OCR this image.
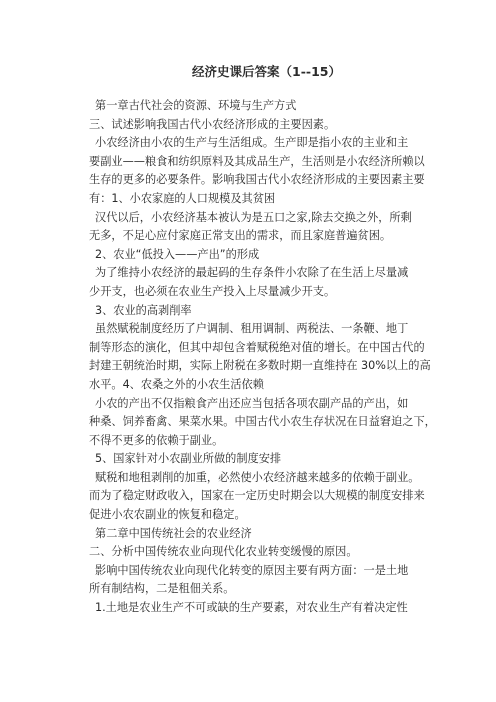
经济史课后答案（1--15）

第一章古代社会的资源、环境与生产方式

三、试述影响我国古代小农经济形成的主要因素。

小农经济由小农的生产与生活组成。生产即是指小农的主业和主

要副业——粮食和纺织原料及其成品生产，生活则是小农经济所赖以

生存的更多的必要条件。影响我国古代小农经济形成的主要因素主要

有：1、小农家庭的人口规模及其贫困

汉代以后，小农经济基本被认为是五口之家,除去交换之外，所剩

无多，不足心应付家庭正常支出的需求，而且家庭普遍贫困。

2、农业“低投入——产出”的形成

为了维持小农经济的最起码的生存条件小农除了在生活上尽量减

少开支，也必须在农业生产投入上尽量减少开支。

3、农业的高剥削率

虽然赋税制度经历了户调制、租用调制、两税法、一条鞭、地丁

制等形态的演化，但其中却包含着赋税绝对值的增长。在中国古代的

封建王朝统治时期，实际上附税在多数时期一直维持在 30%以上的高

水平。4、农桑之外的小农生活依赖

小农的产出不仅指粮食产出还应当包括各项农副产品的产出，如

种桑、饲养畜禽、果菜水果。中国古代小农生存状况在日益窘迫之下，

不得不更多的依赖于副业。

5、国家针对小农副业所做的制度安排

赋税和地租剥削的加重，必然使小农经济越来越多的依赖于副业。

而为了稳定财政收入，国家在一定历史时期会以大规模的制度安排来

促进小农农副业的恢复和稳定。

第二章中国传统社会的农业经济

二、分析中国传统农业向现代化农业转变缓慢的原因。

影响中国传统农业向现代化转变的原因主要有两方面：一是土地

所有制结构，二是租佃关系。

1.土地是农业生产不可或缺的生产要素，对农业生产有着决定性
